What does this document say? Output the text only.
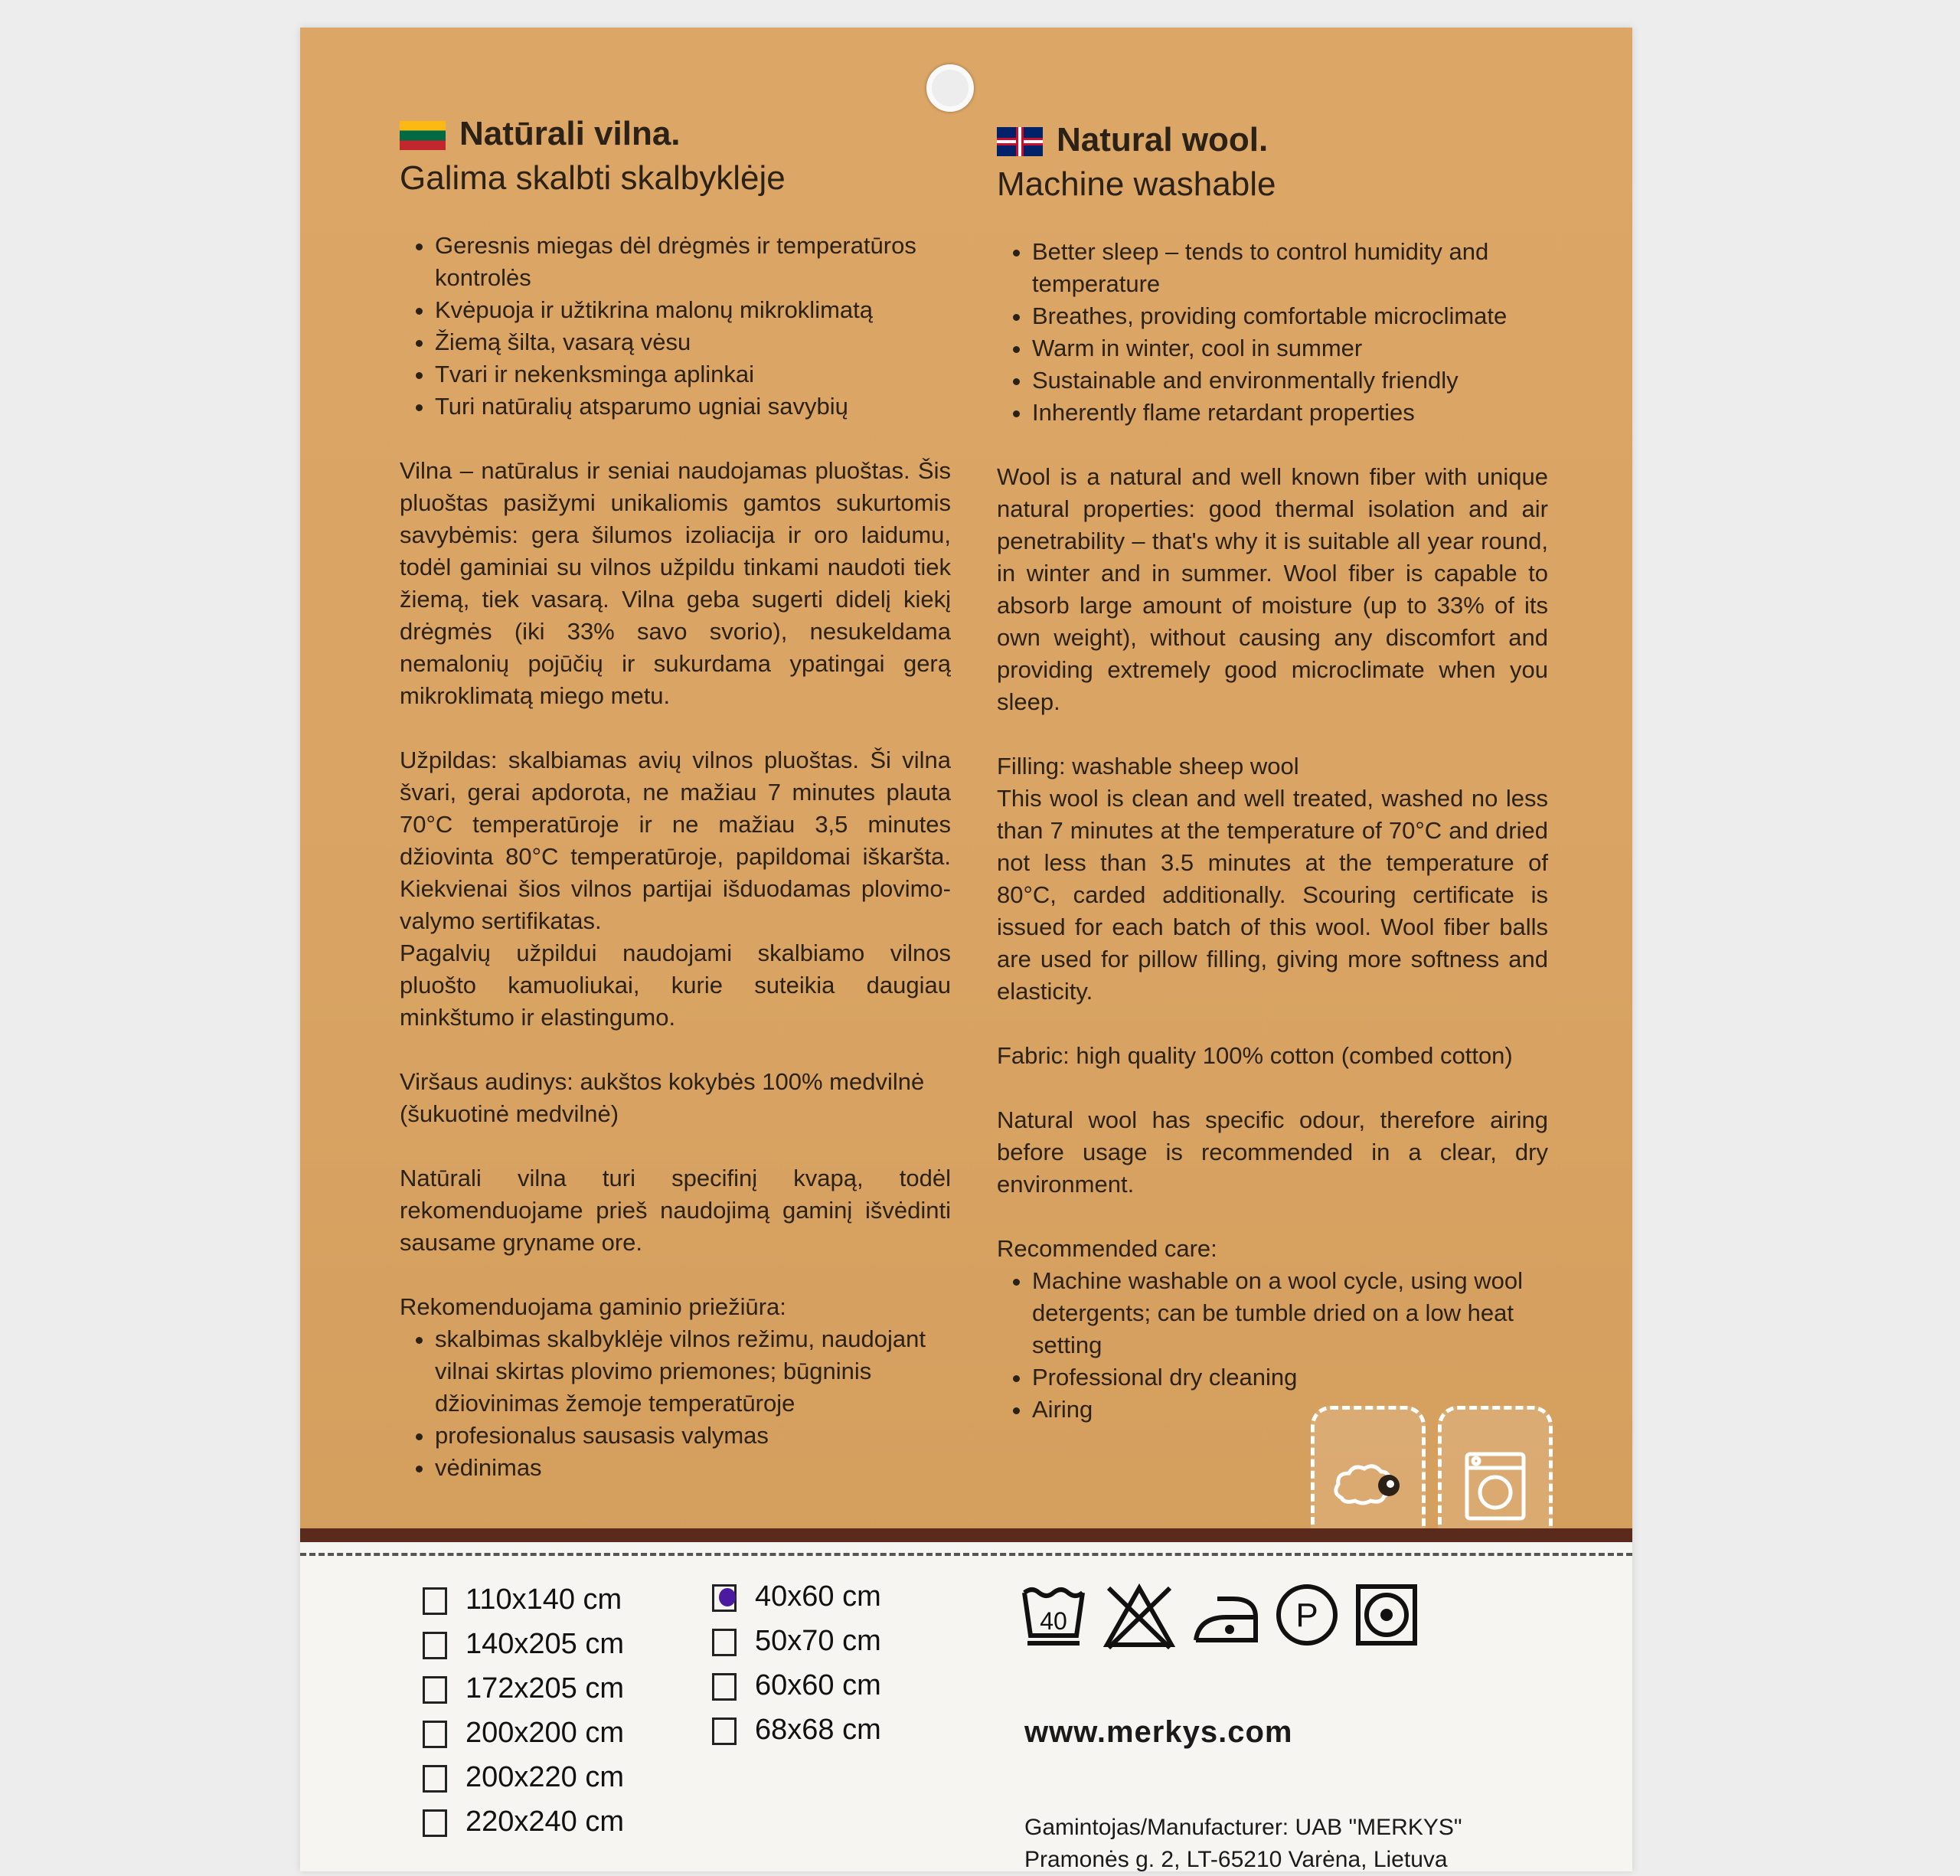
Natūrali vilna.
Galima skalbti skalbyklėje
• Geresnis miegas dėl drėgmės ir temperatūros kontrolės
• Kvėpuoja ir užtikrina malonų mikroklimatą
• Žiemą šilta, vasarą vėsu
• Tvari ir nekenksminga aplinkai
• Turi natūralių atsparumo ugniai savybių

Vilna – natūralus ir seniai naudojamas pluoštas. Šis pluoštas pasižymi unikaliomis gamtos sukurtomis savybėmis: gera šilumos izoliacija ir oro laidumu, todėl gaminiai su vilnos užpildu tinkami naudoti tiek žiemą, tiek vasarą. Vilna geba sugerti didelį kiekį drėgmės (iki 33% savo svorio), nesukeldama nemalonių pojūčių ir sukurdama ypatingai gerą mikroklimatą miego metu.

Užpildas: skalbiamas avių vilnos pluoštas. Ši vilna švari, gerai apdorota, ne mažiau 7 minutes plauta 70°C temperatūroje ir ne mažiau 3,5 minutes džiovinta 80°C temperatūroje, papildomai iškaršta. Kiekvienai šios vilnos partijai išduodamas plovimo-valymo sertifikatas.

Pagalvių užpildui naudojami skalbiamo vilnos pluošto kamuoliukai, kurie suteikia daugiau minkštumo ir elastingumo.

Viršaus audinys: aukštos kokybės 100% medvilnė (šukuotinė medvilnė)

Natūrali vilna turi specifinį kvapą, todėl rekomenduojame prieš naudojimą gaminį išvėdinti sausame gryname ore.

Rekomenduojama gaminio priežiūra:
• skalbimas skalbyklėje vilnos režimu, naudojant vilnai skirtas plovimo priemones; būgninis džiovinimas žemoje temperatūroje
• profesionalus sausasis valymas
• vėdinimas
Natural wool.
Machine washable
• Better sleep – tends to control humidity and temperature
• Breathes, providing comfortable microclimate
• Warm in winter, cool in summer
• Sustainable and environmentally friendly
• Inherently flame retardant properties

Wool is a natural and well known fiber with unique natural properties: good thermal isolation and air penetrability – that's why it is suitable all year round, in winter and in summer. Wool fiber is capable to absorb large amount of moisture (up to 33% of its own weight), without causing any discomfort and providing extremely good microclimate when you sleep.

Filling: washable sheep wool

This wool is clean and well treated, washed no less than 7 minutes at the temperature of 70°C and dried not less than 3.5 minutes at the temperature of 80°C, carded additionally. Scouring certificate is issued for each batch of this wool. Wool fiber balls are used for pillow filling, giving more softness and elasticity.

Fabric: high quality 100% cotton (combed cotton)

Natural wool has specific odour, therefore airing before usage is recommended in a clear, dry environment.

Recommended care:
• Machine washable on a wool cycle, using wool detergents; can be tumble dried on a low heat setting
• Professional dry cleaning
• Airing
110x140 cm
140x205 cm
172x205 cm
200x200 cm
200x220 cm
220x240 cm
40x60 cm
50x70 cm
60x60 cm
68x68 cm
40	P
www.merkys.com
Gamintojas/Manufacturer: UAB "MERKYS"
Pramonės g. 2, LT-65210 Varėna, Lietuva
